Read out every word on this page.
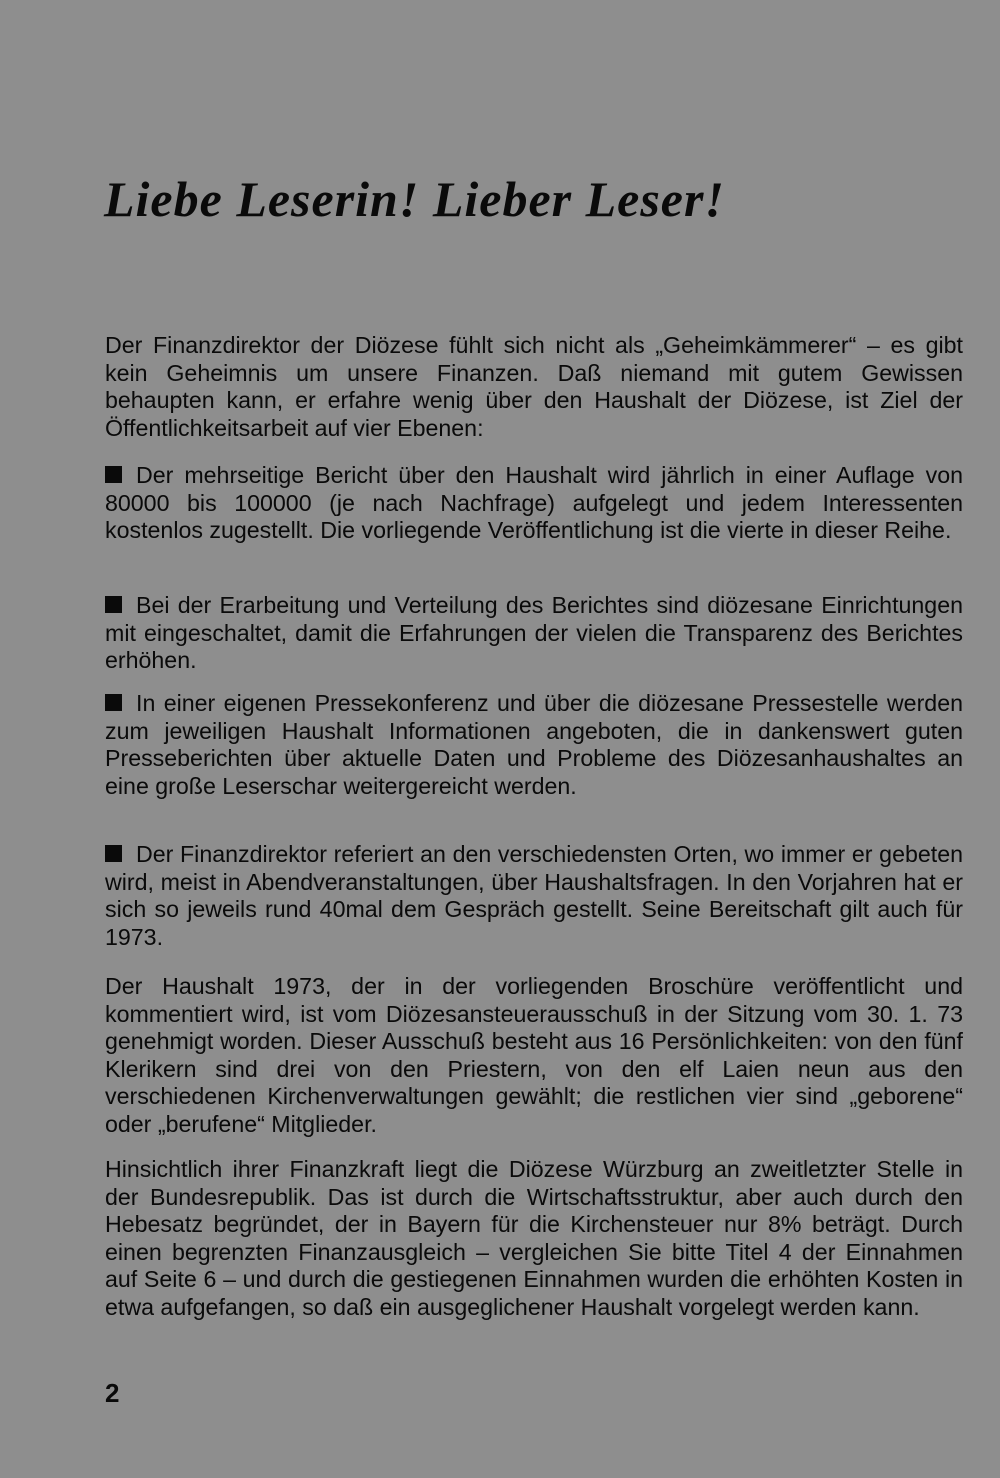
Liebe Leserin! Lieber Leser!

Der Finanzdirektor der Diözese fühlt sich nicht als „Geheimkämmerer“ – es gibt kein Geheimnis um unsere Finanzen. Daß niemand mit gutem Gewissen behaupten kann, er erfahre wenig über den Haushalt der Diözese, ist Ziel der Öffentlichkeitsarbeit auf vier Ebenen:

Der mehrseitige Bericht über den Haushalt wird jährlich in einer Auflage von 80000 bis 100000 (je nach Nachfrage) aufgelegt und jedem Interessenten kostenlos zugestellt. Die vorliegende Veröffentlichung ist die vierte in dieser Reihe.

Bei der Erarbeitung und Verteilung des Berichtes sind diözesane Einrichtungen mit eingeschaltet, damit die Erfahrungen der vielen die Transparenz des Berichtes erhöhen.

In einer eigenen Pressekonferenz und über die diözesane Pressestelle werden zum jeweiligen Haushalt Informationen angeboten, die in dankenswert guten Presseberichten über aktuelle Daten und Probleme des Diözesanhaushaltes an eine große Leserschar weitergereicht werden.

Der Finanzdirektor referiert an den verschiedensten Orten, wo immer er gebeten wird, meist in Abendveranstaltungen, über Haushaltsfragen. In den Vorjahren hat er sich so jeweils rund 40mal dem Gespräch gestellt. Seine Bereitschaft gilt auch für 1973.

Der Haushalt 1973, der in der vorliegenden Broschüre veröffentlicht und kommentiert wird, ist vom Diözesansteuerausschuß in der Sitzung vom 30. 1. 73 genehmigt worden. Dieser Ausschuß besteht aus 16 Persönlichkeiten: von den fünf Klerikern sind drei von den Priestern, von den elf Laien neun aus den verschiedenen Kirchenverwaltungen gewählt; die restlichen vier sind „geborene“ oder „berufene“ Mitglieder.

Hinsichtlich ihrer Finanzkraft liegt die Diözese Würzburg an zweitletzter Stelle in der Bundesrepublik. Das ist durch die Wirtschaftsstruktur, aber auch durch den Hebesatz begründet, der in Bayern für die Kirchensteuer nur 8% beträgt. Durch einen begrenzten Finanzausgleich – vergleichen Sie bitte Titel 4 der Einnahmen auf Seite 6 – und durch die gestiegenen Einnahmen wurden die erhöhten Kosten in etwa aufgefangen, so daß ein ausgeglichener Haushalt vorgelegt werden kann.

2
